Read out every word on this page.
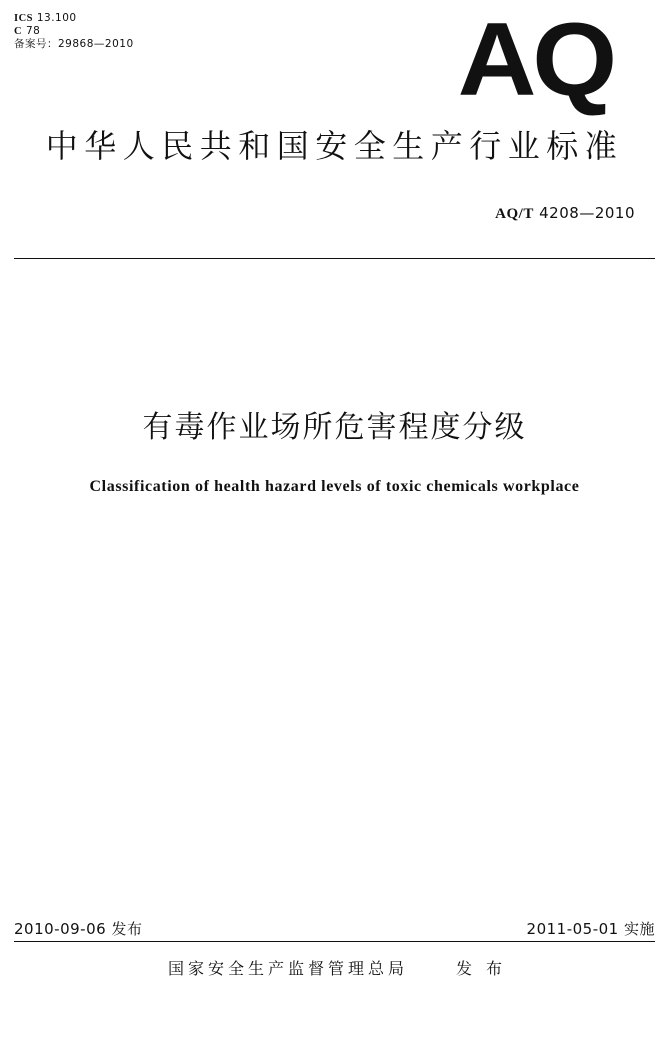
ICS 13.100
C 78
备案号：29868—2010	AQ
中华人民共和国安全生产行业标准
AQ/T 4208—2010
有毒作业场所危害程度分级
Classification of health hazard levels of toxic chemicals workplace
2010-09-06 发布	2011-05-01 实施
国家安全生产监督管理总局	发布
